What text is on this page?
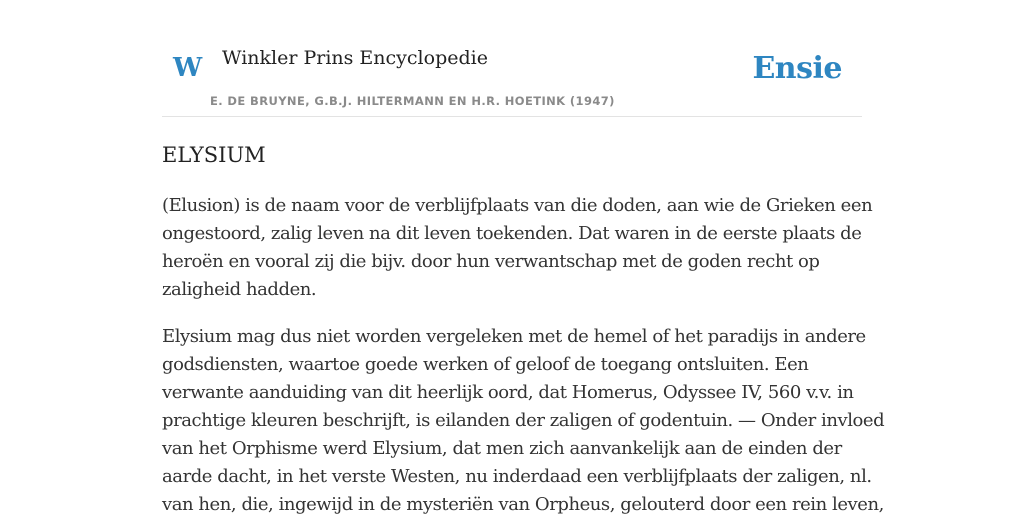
W Winkler Prins Encyclopedie
E. DE BRUYNE, G.B.J. HILTERMANN EN H.R. HOETINK (1947)
Ensie
ELYSIUM

(Elusion) is de naam voor de verblijfplaats van die doden, aan wie de Grieken een
ongestoord, zalig leven na dit leven toekenden. Dat waren in de eerste plaats de
heroën en vooral zij die bijv. door hun verwantschap met de goden recht op
zaligheid hadden.

Elysium mag dus niet worden vergeleken met de hemel of het paradijs in andere
godsdiensten, waartoe goede werken of geloof de toegang ontsluiten. Een
verwante aanduiding van dit heerlijk oord, dat Homerus, Odyssee IV, 560 v.v. in
prachtige kleuren beschrijft, is eilanden der zaligen of godentuin. — Onder invloed
van het Orphisme werd Elysium, dat men zich aanvankelijk aan de einden der
aarde dacht, in het verste Westen, nu inderdaad een verblijfplaats der zaligen, nl.
van hen, die, ingewijd in de mysteriën van Orpheus, gelouterd door een rein leven,
